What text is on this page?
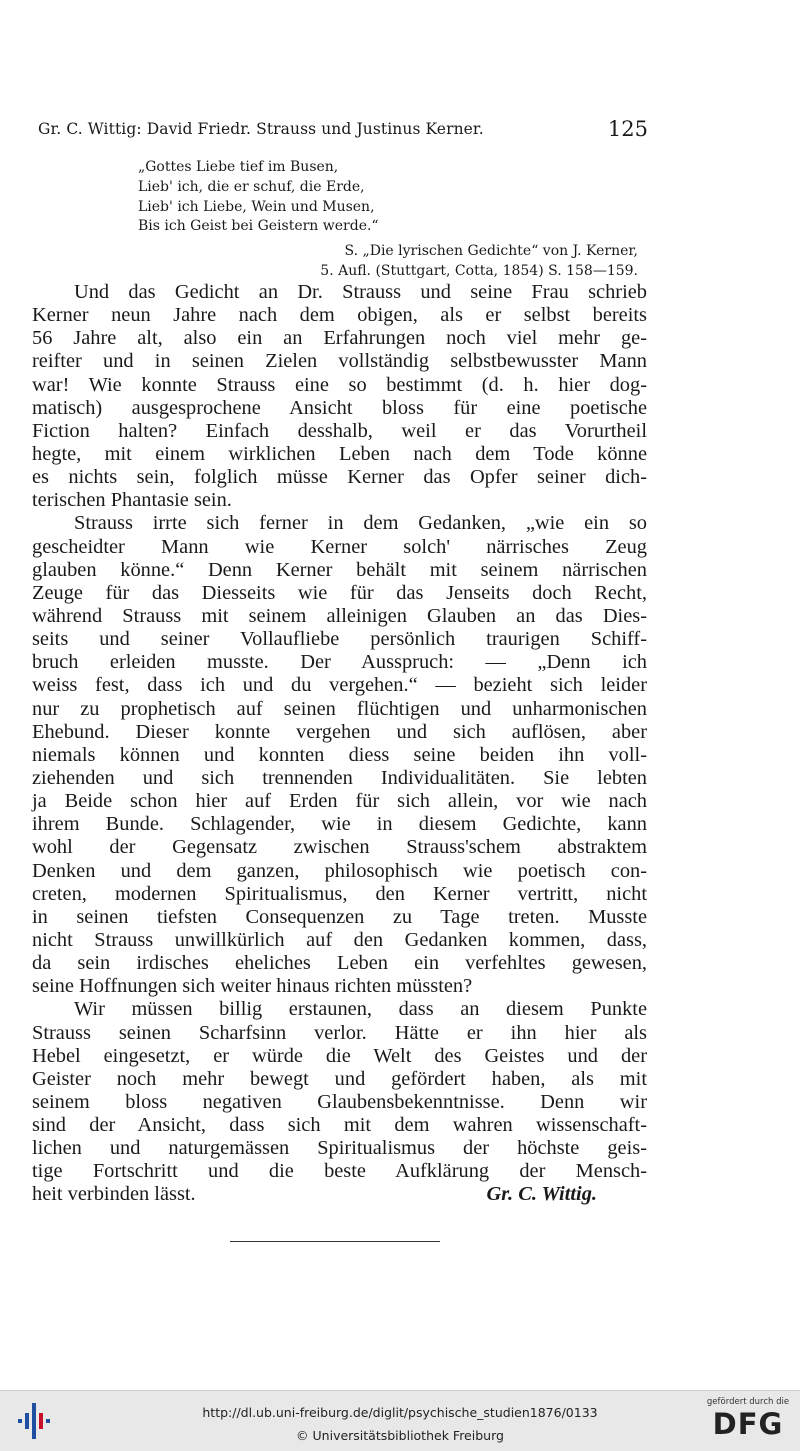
Gr. C. Wittig: David Friedr. Strauss und Justinus Kerner.	125
„Gottes Liebe tief im Busen,
Lieb' ich, die er schuf, die Erde,
Lieb' ich Liebe, Wein und Musen,
Bis ich Geist bei Geistern werde.“
S. „Die lyrischen Gedichte“ von J. Kerner,
5. Aufl. (Stuttgart, Cotta, 1854) S. 158—159.
Und das Gedicht an Dr. Strauss und seine Frau schrieb
Kerner neun Jahre nach dem obigen, als er selbst bereits
56 Jahre alt, also ein an Erfahrungen noch viel mehr ge-
reifter und in seinen Zielen vollständig selbstbewusster Mann
war! Wie konnte Strauss eine so bestimmt (d. h. hier dog-
matisch) ausgesprochene Ansicht bloss für eine poetische
Fiction halten? Einfach desshalb, weil er das Vorurtheil
hegte, mit einem wirklichen Leben nach dem Tode könne
es nichts sein, folglich müsse Kerner das Opfer seiner dich-
terischen Phantasie sein.
Strauss irrte sich ferner in dem Gedanken, „wie ein so
gescheidter Mann wie Kerner solch' närrisches Zeug
glauben könne.“ Denn Kerner behält mit seinem närrischen
Zeuge für das Diesseits wie für das Jenseits doch Recht,
während Strauss mit seinem alleinigen Glauben an das Dies-
seits und seiner Vollaufliebe persönlich traurigen Schiff-
bruch erleiden musste. Der Ausspruch: — „Denn ich
weiss fest, dass ich und du vergehen.“ — bezieht sich leider
nur zu prophetisch auf seinen flüchtigen und unharmonischen
Ehebund. Dieser konnte vergehen und sich auflösen, aber
niemals können und konnten diess seine beiden ihn voll-
ziehenden und sich trennenden Individualitäten. Sie lebten
ja Beide schon hier auf Erden für sich allein, vor wie nach
ihrem Bunde. Schlagender, wie in diesem Gedichte, kann
wohl der Gegensatz zwischen Strauss'schem abstraktem
Denken und dem ganzen, philosophisch wie poetisch con-
creten, modernen Spiritualismus, den Kerner vertritt, nicht
in seinen tiefsten Consequenzen zu Tage treten. Musste
nicht Strauss unwillkürlich auf den Gedanken kommen, dass,
da sein irdisches eheliches Leben ein verfehltes gewesen,
seine Hoffnungen sich weiter hinaus richten müssten?
Wir müssen billig erstaunen, dass an diesem Punkte
Strauss seinen Scharfsinn verlor. Hätte er ihn hier als
Hebel eingesetzt, er würde die Welt des Geistes und der
Geister noch mehr bewegt und gefördert haben, als mit
seinem bloss negativen Glaubensbekenntnisse. Denn wir
sind der Ansicht, dass sich mit dem wahren wissenschaft-
lichen und naturgemässen Spiritualismus der höchste geis-
tige Fortschritt und die beste Aufklärung der Mensch-
heit verbinden lässt.	Gr. C. Wittig.
http://dl.ub.uni-freiburg.de/diglit/psychische_studien1876/0133
© Universitätsbibliothek Freiburg
gefördert durch die
DFG
